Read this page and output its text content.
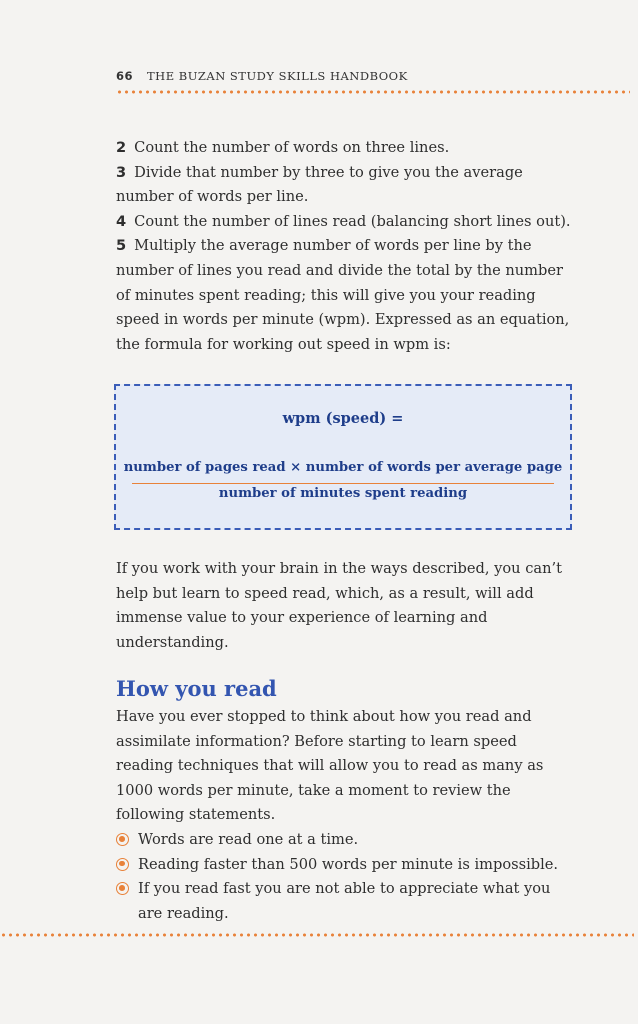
66 THE BUZAN STUDY SKILLS HANDBOOK

2 Count the number of words on three lines.

3 Divide that number by three to give you the average number of words per line.

4 Count the number of lines read (balancing short lines out).

5 Multiply the average number of words per line by the number of lines you read and divide the total by the number of minutes spent reading; this will give you your reading speed in words per minute (wpm). Expressed as an equation, the formula for working out speed in wpm is:

wpm (speed) =
number of pages read × number of words per average page
number of minutes spent reading

If you work with your brain in the ways described, you can’t help but learn to speed read, which, as a result, will add immense value to your experience of learning and understanding.

How you read

Have you ever stopped to think about how you read and assimilate information? Before starting to learn speed reading techniques that will allow you to read as many as 1000 words per minute, take a moment to review the following statements.

Words are read one at a time.

Reading faster than 500 words per minute is impossible.

If you read fast you are not able to appreciate what you are reading.
